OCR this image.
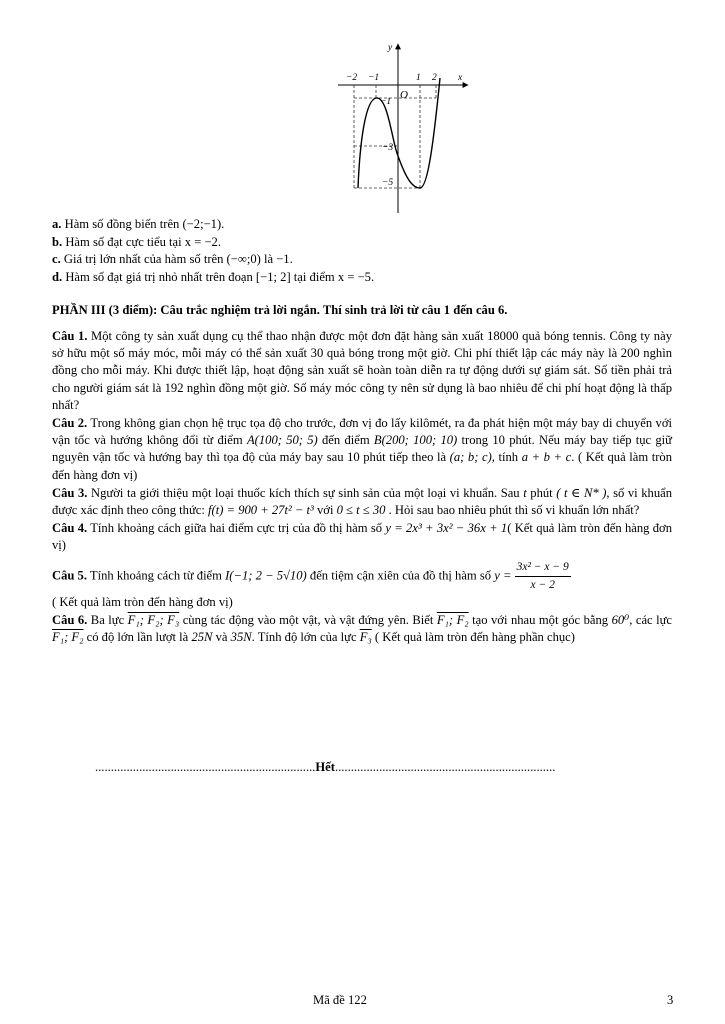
y
x
O
−2 −1	1 2
−1
−3
−5
a. Hàm số đồng biến trên (−2;−1).
b. Hàm số đạt cực tiểu tại x = −2.
c. Giá trị lớn nhất của hàm số trên (−∞;0) là −1.
d. Hàm số đạt giá trị nhỏ nhất trên đoạn [−1; 2] tại điểm x = −5.
PHẦN III (3 điểm): Câu trắc nghiệm trả lời ngắn. Thí sinh trả lời từ câu 1 đến câu 6.

Câu 1. Một công ty sản xuất dụng cụ thể thao nhận được một đơn đặt hàng sản xuất 18000 quả bóng tennis. Công ty này sở hữu một số máy móc, mỗi máy có thể sản xuất 30 quả bóng trong một giờ. Chi phí thiết lập các máy này là 200 nghìn đồng cho mỗi máy. Khi được thiết lập, hoạt động sản xuất sẽ hoàn toàn diễn ra tự động dưới sự giám sát. Số tiền phải trả cho người giám sát là 192 nghìn đồng một giờ. Số máy móc công ty nên sử dụng là bao nhiêu để chi phí hoạt động là thấp nhất?

Câu 2. Trong không gian chọn hệ trục tọa độ cho trước, đơn vị đo lấy kilômét, ra đa phát hiện một máy bay di chuyển với vận tốc và hướng không đổi từ điểm A(100; 50; 5) đến điểm B(200; 100; 10) trong 10 phút. Nếu máy bay tiếp tục giữ nguyên vận tốc và hướng bay thì tọa độ của máy bay sau 10 phút tiếp theo là (a; b; c), tính a + b + c. ( Kết quả làm tròn đến hàng đơn vị)

Câu 3. Người ta giới thiệu một loại thuốc kích thích sự sinh sản của một loại vi khuẩn. Sau t phút ( t ∈ N* ), số vi khuẩn được xác định theo công thức: f(t) = 900 + 27t² − t³ với 0 ≤ t ≤ 30 . Hỏi sau bao nhiêu phút thì số vi khuẩn lớn nhất?

Câu 4. Tính khoảng cách giữa hai điểm cực trị của đồ thị hàm số y = 2x³ + 3x² − 36x + 1( Kết quả làm tròn đến hàng đơn vị)

Câu 5. Tính khoảng cách từ điểm I(−1; 2 − 5√10) đến tiệm cận xiên của đồ thị hàm số $y = \frac{\text{3x² − x − 9}}{x - 2}$

( Kết quả làm tròn đến hàng đơn vị)

Câu 6. Ba lực F₁; F₂; F₃ cùng tác động vào một vật, và vật đứng yên. Biết F₁; F₂ tạo với nhau một góc bằng 60⁰, các lực F₁; F₂ có độ lớn lần lượt là 25N và 35N. Tính độ lớn của lực F₃ ( Kết quả làm tròn đến hàng phần chục)

......................................................................Hết......................................................................
Mã đề 122	3
